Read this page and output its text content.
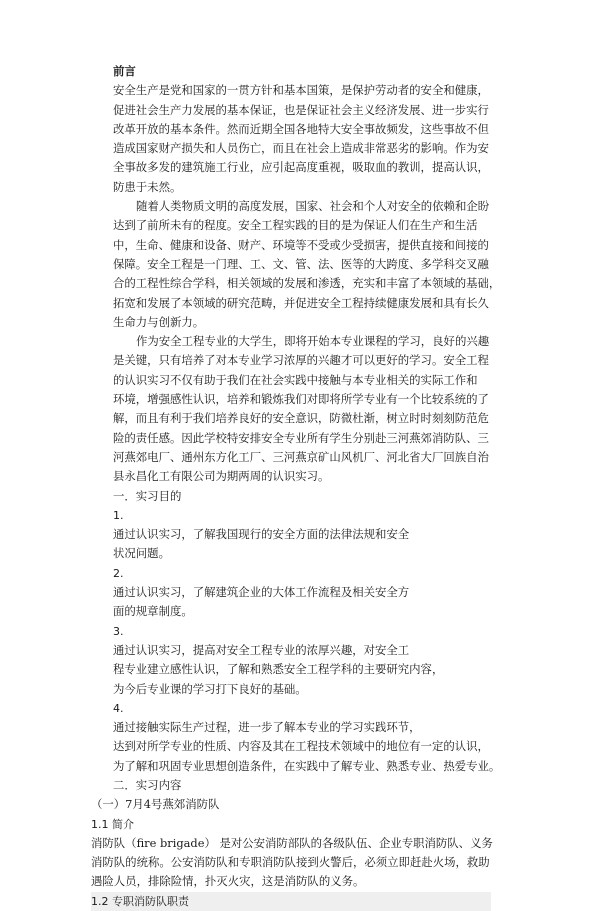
前言
安全生产是党和国家的一贯方针和基本国策，是保护劳动者的安全和健康，
促进社会生产力发展的基本保证，也是保证社会主义经济发展、进一步实行
改革开放的基本条件。然而近期全国各地特大安全事故频发，这些事故不但
造成国家财产损失和人员伤亡，而且在社会上造成非常恶劣的影响。作为安
全事故多发的建筑施工行业，应引起高度重视，吸取血的教训，提高认识，
防患于未然。
随着人类物质文明的高度发展，国家、社会和个人对安全的依赖和企盼
达到了前所未有的程度。安全工程实践的目的是为保证人们在生产和生活
中，生命、健康和设备、财产、环境等不受或少受损害，提供直接和间接的
保障。安全工程是一门理、工、文、管、法、医等的大跨度、多学科交叉融
合的工程性综合学科，相关领域的发展和渗透，充实和丰富了本领域的基础，
拓宽和发展了本领域的研究范畴，并促进安全工程持续健康发展和具有长久
生命力与创新力。
作为安全工程专业的大学生，即将开始本专业课程的学习，良好的兴趣
是关键，只有培养了对本专业学习浓厚的兴趣才可以更好的学习。安全工程
的认识实习不仅有助于我们在社会实践中接触与本专业相关的实际工作和
环境，增强感性认识，培养和锻炼我们对即将所学专业有一个比较系统的了
解，而且有利于我们培养良好的安全意识，防微杜渐，树立时时刻刻防范危
险的责任感。因此学校特安排安全专业所有学生分别赴三河燕郊消防队、三
河燕郊电厂、通州东方化工厂、三河燕京矿山风机厂、河北省大厂回族自治
县永昌化工有限公司为期两周的认识实习。
一．实习目的
1.
通过认识实习，了解我国现行的安全方面的法律法规和安全
状况问题。
2.
通过认识实习，了解建筑企业的大体工作流程及相关安全方
面的规章制度。
3.
通过认识实习，提高对安全工程专业的浓厚兴趣，对安全工
程专业建立感性认识，了解和熟悉安全工程学科的主要研究内容，
为今后专业课的学习打下良好的基础。
4.
通过接触实际生产过程，进一步了解本专业的学习实践环节，
达到对所学专业的性质、内容及其在工程技术领域中的地位有一定的认识，
为了解和巩固专业思想创造条件，在实践中了解专业、熟悉专业、热爱专业。
二．实习内容
（一）7月4号燕郊消防队
1.1 简介
消防队（fire brigade） 是对公安消防部队的各级队伍、企业专职消防队、义务
消防队的统称。公安消防队和专职消防队接到火警后，必须立即赶赴火场，救助
遇险人员，排除险情，扑灭火灾，这是消防队的义务。
1.2 专职消防队职责
